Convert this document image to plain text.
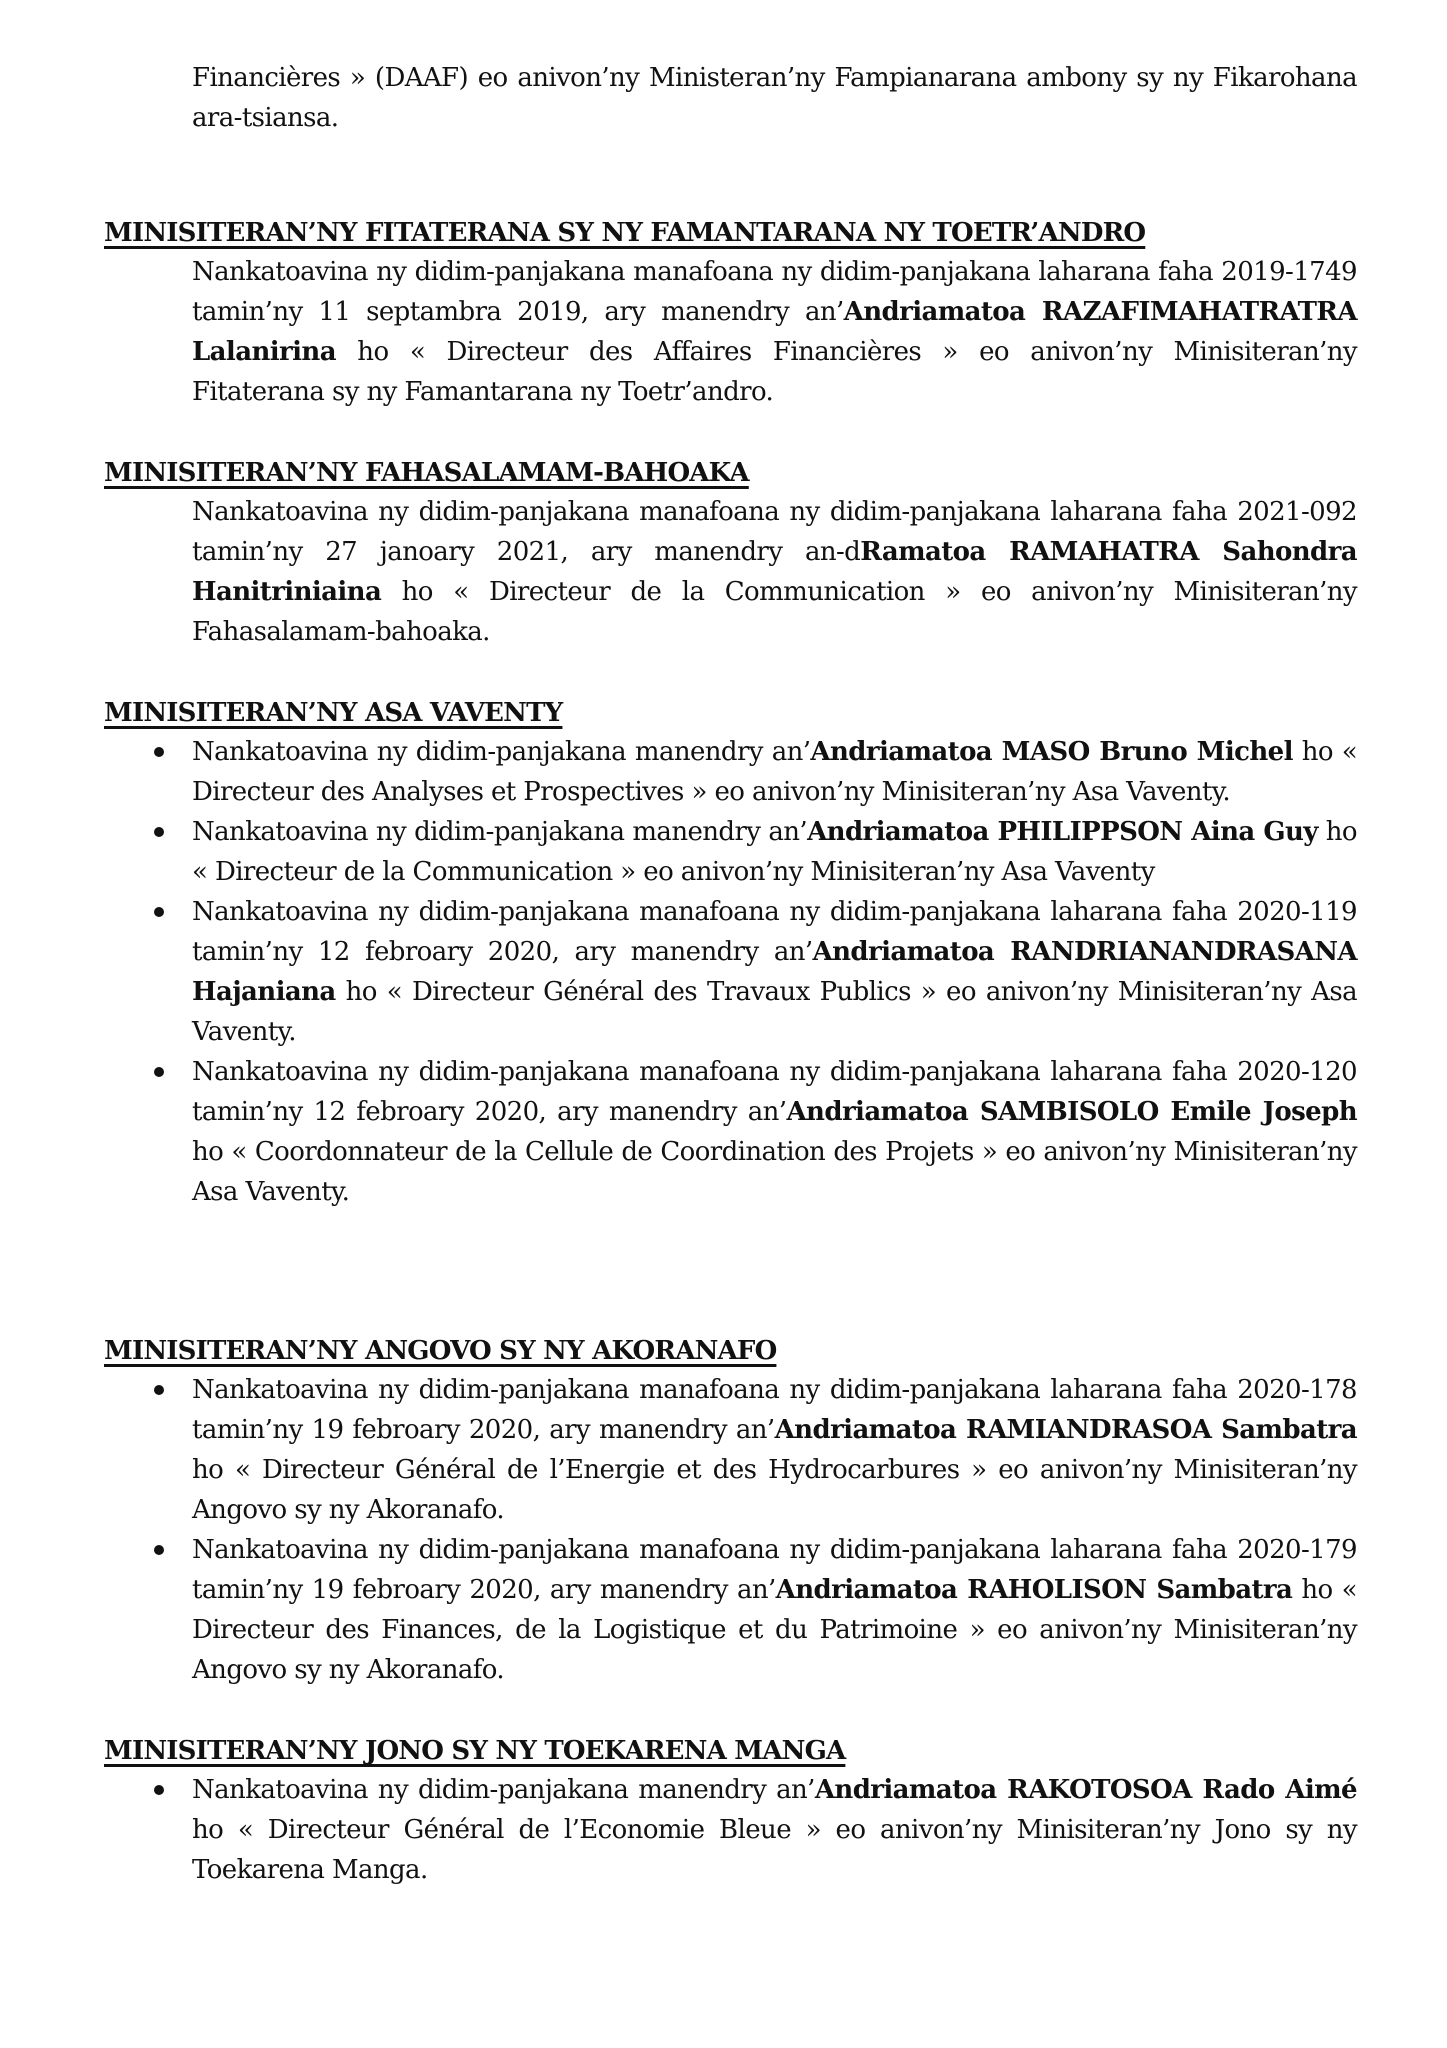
Financières » (DAAF) eo anivon’ny Ministeran’ny Fampianarana ambony sy ny Fikarohana ara-tsiansa.

MINISITERAN’NY FITATERANA SY NY FAMANTARANA NY TOETR’ANDRO
Nankatoavina ny didim-panjakana manafoana ny didim-panjakana laharana faha 2019-1749 tamin’ny 11 septambra 2019, ary manendry an’Andriamatoa RAZAFIMAHATRATRA Lalanirina ho « Directeur des Affaires Financières » eo anivon’ny Minisiteran’ny Fitaterana sy ny Famantarana ny Toetr’andro.
MINISITERAN’NY FAHASALAMAM-BAHOAKA
Nankatoavina ny didim-panjakana manafoana ny didim-panjakana laharana faha 2021-092 tamin’ny 27 janoary 2021, ary manendry an-dRamatoa RAMAHATRA Sahondra Hanitriniaina ho « Directeur de la Communication » eo anivon’ny Minisiteran’ny Fahasalamam-bahoaka.
MINISITERAN’NY ASA VAVENTY
Nankatoavina ny didim-panjakana manendry an’Andriamatoa MASO Bruno Michel ho « Directeur des Analyses et Prospectives » eo anivon’ny Minisiteran’ny Asa Vaventy.
Nankatoavina ny didim-panjakana manendry an’Andriamatoa PHILIPPSON Aina Guy ho « Directeur de la Communication » eo anivon’ny Minisiteran’ny Asa Vaventy
Nankatoavina ny didim-panjakana manafoana ny didim-panjakana laharana faha 2020-119 tamin’ny 12 febroary 2020, ary manendry an’Andriamatoa RANDRIANANDRASANA Hajaniana ho « Directeur Général des Travaux Publics » eo anivon’ny Minisiteran’ny Asa Vaventy.
Nankatoavina ny didim-panjakana manafoana ny didim-panjakana laharana faha 2020-120 tamin’ny 12 febroary 2020, ary manendry an’Andriamatoa SAMBISOLO Emile Joseph ho « Coordonnateur de la Cellule de Coordination des Projets » eo anivon’ny Minisiteran’ny Asa Vaventy.
MINISITERAN’NY ANGOVO SY NY AKORANAFO
Nankatoavina ny didim-panjakana manafoana ny didim-panjakana laharana faha 2020-178 tamin’ny 19 febroary 2020, ary manendry an’Andriamatoa RAMIANDRASOA Sambatra ho « Directeur Général de l’Energie et des Hydrocarbures » eo anivon’ny Minisiteran’ny Angovo sy ny Akoranafo.
Nankatoavina ny didim-panjakana manafoana ny didim-panjakana laharana faha 2020-179 tamin’ny 19 febroary 2020, ary manendry an’Andriamatoa RAHOLISON Sambatra ho « Directeur des Finances, de la Logistique et du Patrimoine » eo anivon’ny Minisiteran’ny Angovo sy ny Akoranafo.
MINISITERAN’NY JONO SY NY TOEKARENA MANGA
Nankatoavina ny didim-panjakana manendry an’Andriamatoa RAKOTOSOA Rado Aimé ho « Directeur Général de l’Economie Bleue » eo anivon’ny Minisiteran’ny Jono sy ny Toekarena Manga.
